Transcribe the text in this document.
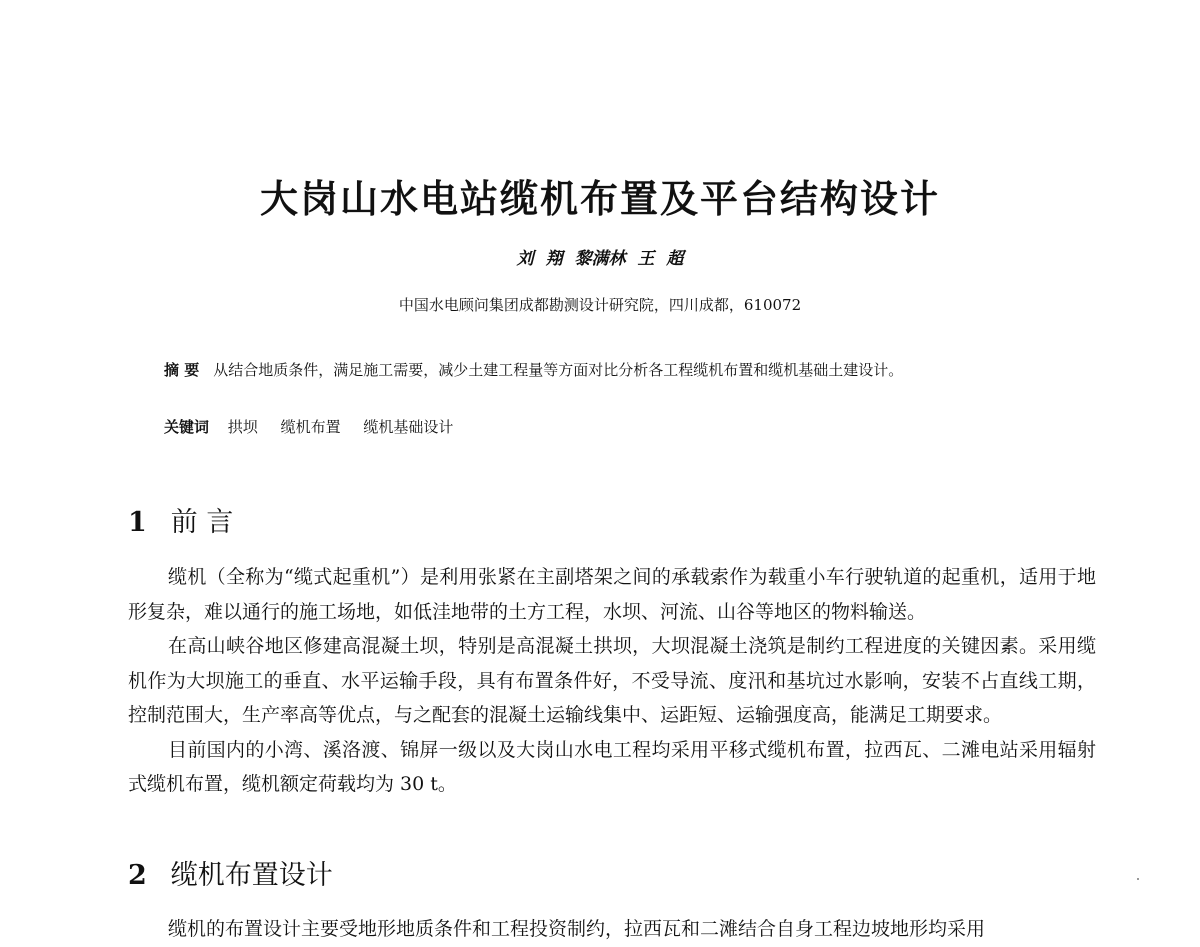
大岗山水电站缆机布置及平台结构设计
刘 翔 黎满林 王 超
中国水电顾问集团成都勘测设计研究院，四川成都，610072
摘 要 从结合地质条件，满足施工需要，减少土建工程量等方面对比分析各工程缆机布置和缆机基础土建设计。
关键词 拱坝 缆机布置 缆机基础设计
1 前 言

缆机（全称为“缆式起重机”）是利用张紧在主副塔架之间的承载索作为载重小车行驶轨道的起重机，适用于地形复杂，难以通行的施工场地，如低洼地带的土方工程，水坝、河流、山谷等地区的物料输送。

在高山峡谷地区修建高混凝土坝，特别是高混凝土拱坝，大坝混凝土浇筑是制约工程进度的关键因素。采用缆机作为大坝施工的垂直、水平运输手段，具有布置条件好，不受导流、度汛和基坑过水影响，安装不占直线工期，控制范围大，生产率高等优点，与之配套的混凝土运输线集中、运距短、运输强度高，能满足工期要求。

目前国内的小湾、溪洛渡、锦屏一级以及大岗山水电工程均采用平移式缆机布置，拉西瓦、二滩电站采用辐射式缆机布置，缆机额定荷载均为 30 t。

2 缆机布置设计

缆机的布置设计主要受地形地质条件和工程投资制约，拉西瓦和二滩结合自身工程边坡地形均采用
